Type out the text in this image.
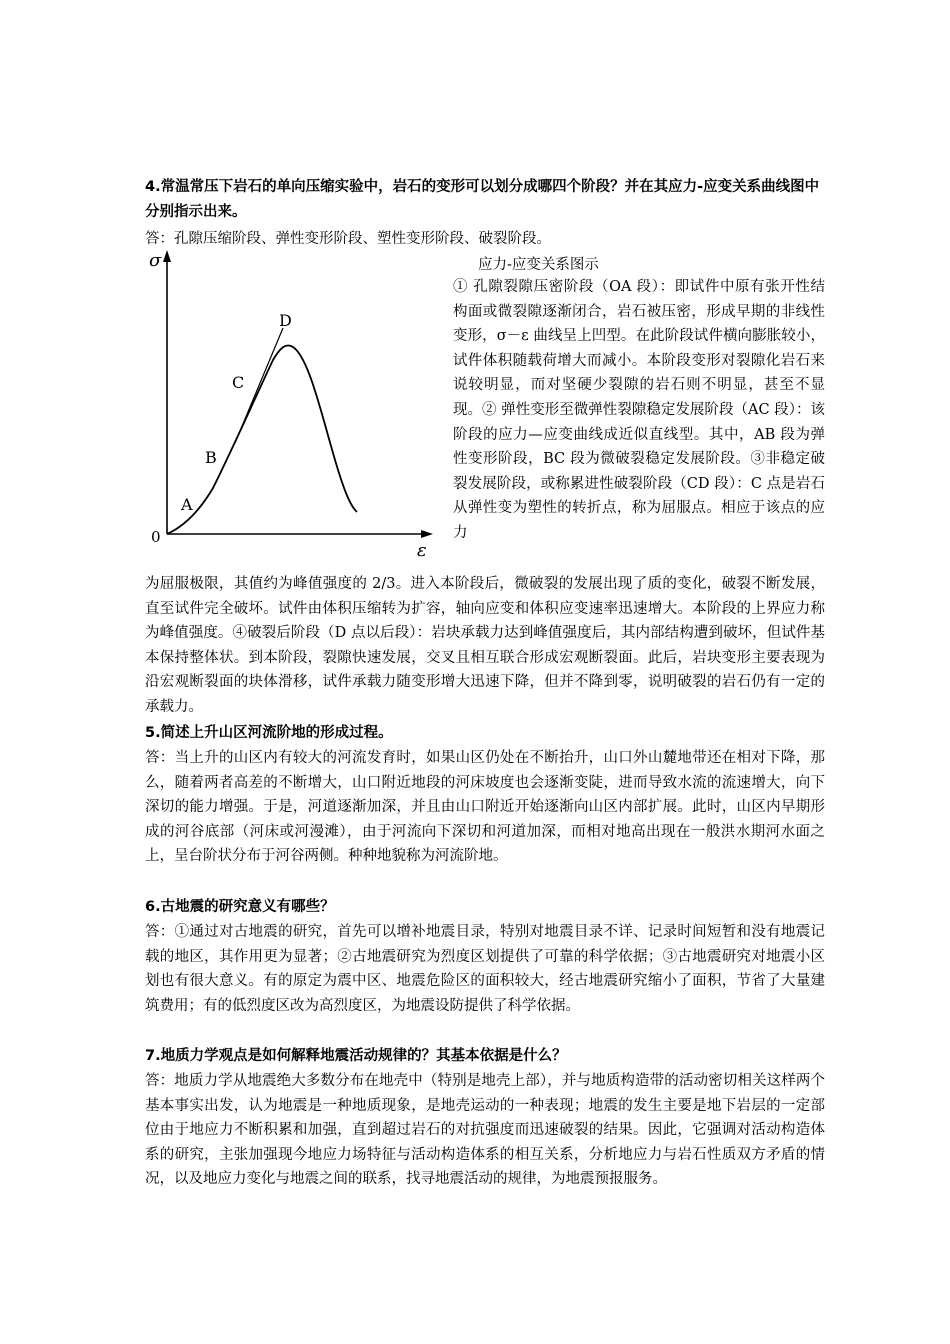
4.常温常压下岩石的单向压缩实验中，岩石的变形可以划分成哪四个阶段？并在其应力-应变关系曲线图中分别指示出来。

答：孔隙压缩阶段、弹性变形阶段、塑性变形阶段、破裂阶段。

σ
ε
0
A
B
C
D

应力-应变关系图示

① 孔隙裂隙压密阶段（OA 段）：即试件中原有张开性结构面或微裂隙逐渐闭合，岩石被压密，形成早期的非线性变形，σ－ε 曲线呈上凹型。在此阶段试件横向膨胀较小，试件体积随载荷增大而减小。本阶段变形对裂隙化岩石来说较明显，而对坚硬少裂隙的岩石则不明显，甚至不显现。② 弹性变形至微弹性裂隙稳定发展阶段（AC 段）：该阶段的应力—应变曲线成近似直线型。其中，AB 段为弹性变形阶段，BC 段为微破裂稳定发展阶段。③非稳定破裂发展阶段，或称累进性破裂阶段（CD 段）：C 点是岩石从弹性变为塑性的转折点，称为屈服点。相应于该点的应力

为屈服极限，其值约为峰值强度的 2/3。进入本阶段后，微破裂的发展出现了质的变化，破裂不断发展，直至试件完全破坏。试件由体积压缩转为扩容，轴向应变和体积应变速率迅速增大。本阶段的上界应力称为峰值强度。④破裂后阶段（D 点以后段）：岩块承载力达到峰值强度后，其内部结构遭到破坏，但试件基本保持整体状。到本阶段，裂隙快速发展，交叉且相互联合形成宏观断裂面。此后，岩块变形主要表现为沿宏观断裂面的块体滑移，试件承载力随变形增大迅速下降，但并不降到零，说明破裂的岩石仍有一定的承载力。

5.简述上升山区河流阶地的形成过程。

答：当上升的山区内有较大的河流发育时，如果山区仍处在不断抬升，山口外山麓地带还在相对下降，那么，随着两者高差的不断增大，山口附近地段的河床坡度也会逐渐变陡，进而导致水流的流速增大，向下深切的能力增强。于是，河道逐渐加深，并且由山口附近开始逐渐向山区内部扩展。此时，山区内早期形成的河谷底部（河床或河漫滩），由于河流向下深切和河道加深，而相对地高出现在一般洪水期河水面之上，呈台阶状分布于河谷两侧。种种地貌称为河流阶地。

6.古地震的研究意义有哪些？

答：①通过对古地震的研究，首先可以增补地震目录，特别对地震目录不详、记录时间短暂和没有地震记载的地区，其作用更为显著；②古地震研究为烈度区划提供了可靠的科学依据；③古地震研究对地震小区划也有很大意义。有的原定为震中区、地震危险区的面积较大，经古地震研究缩小了面积，节省了大量建筑费用；有的低烈度区改为高烈度区，为地震设防提供了科学依据。

7.地质力学观点是如何解释地震活动规律的？其基本依据是什么？

答：地质力学从地震绝大多数分布在地壳中（特别是地壳上部），并与地质构造带的活动密切相关这样两个基本事实出发，认为地震是一种地质现象，是地壳运动的一种表现；地震的发生主要是地下岩层的一定部位由于地应力不断积累和加强，直到超过岩石的对抗强度而迅速破裂的结果。因此，它强调对活动构造体系的研究，主张加强现今地应力场特征与活动构造体系的相互关系，分析地应力与岩石性质双方矛盾的情况，以及地应力变化与地震之间的联系，找寻地震活动的规律，为地震预报服务。
